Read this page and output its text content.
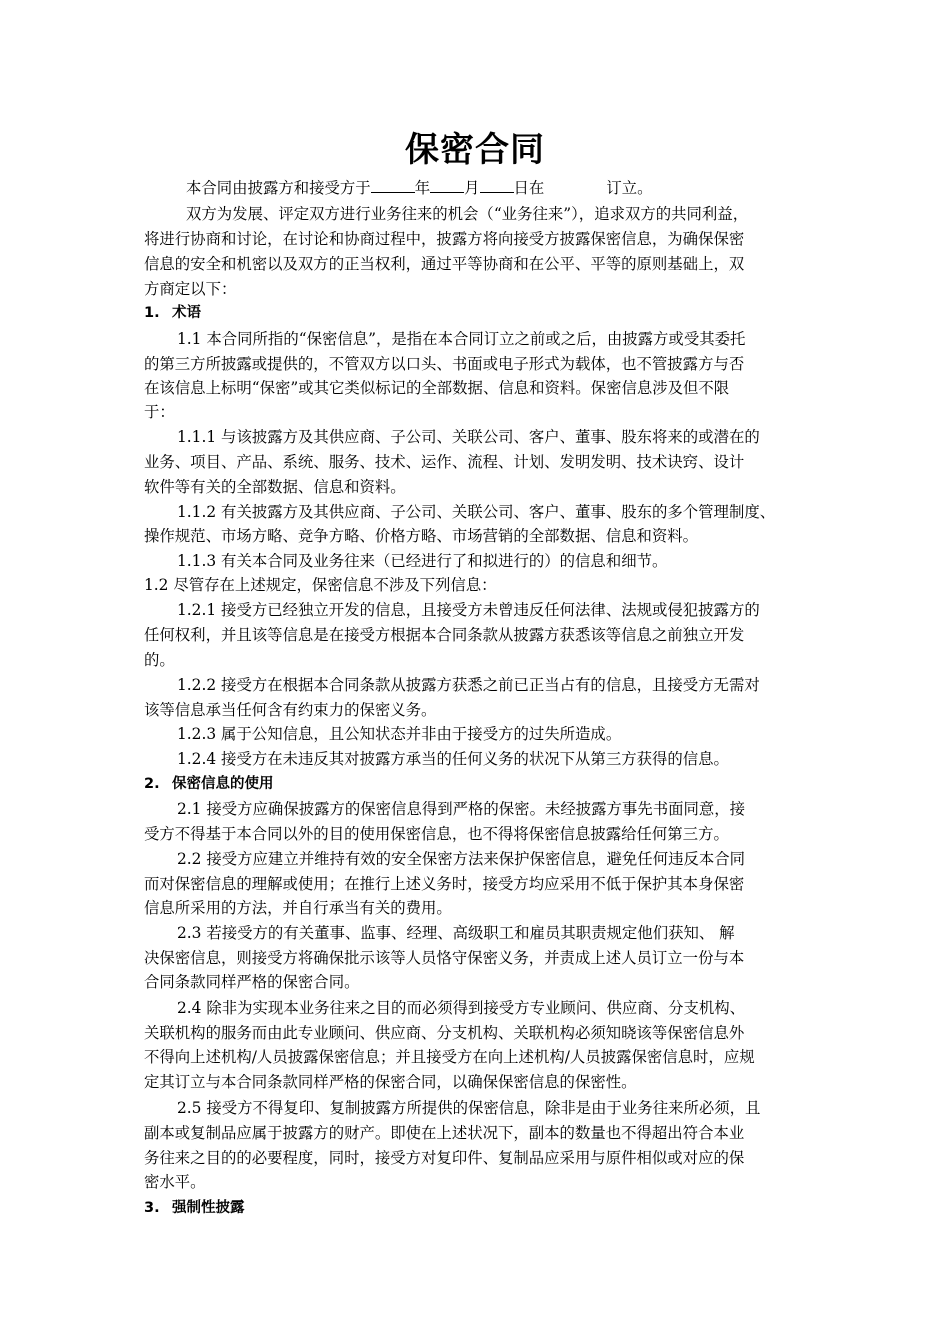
保密合同
本合同由披露方和接受方于	年 月 日在	订立。
双方为发展、评定双方进行业务往来的机会（“业务往来”），追求双方的共同利益，
将进行协商和讨论，在讨论和协商过程中，披露方将向接受方披露保密信息，为确保保密
信息的安全和机密以及双方的正当权利，通过平等协商和在公平、平等的原则基础上，双
方商定以下：
1. 术语
1.1 本合同所指的“保密信息”，是指在本合同订立之前或之后，由披露方或受其委托
的第三方所披露或提供的，不管双方以口头、书面或电子形式为载体，也不管披露方与否
在该信息上标明“保密”或其它类似标记的全部数据、信息和资料。保密信息涉及但不限
于：
1.1.1 与该披露方及其供应商、子公司、关联公司、客户、董事、股东将来的或潜在的
业务、项目、产品、系统、服务、技术、运作、流程、计划、发明发明、技术诀窍、设计
软件等有关的全部数据、信息和资料。
1.1.2 有关披露方及其供应商、子公司、关联公司、客户、董事、股东的多个管理制度、
操作规范、市场方略、竞争方略、价格方略、市场营销的全部数据、信息和资料。
1.1.3 有关本合同及业务往来（已经进行了和拟进行的）的信息和细节。
1.2 尽管存在上述规定，保密信息不涉及下列信息：
1.2.1 接受方已经独立开发的信息，且接受方未曾违反任何法律、法规或侵犯披露方的
任何权利，并且该等信息是在接受方根据本合同条款从披露方获悉该等信息之前独立开发
的。
1.2.2 接受方在根据本合同条款从披露方获悉之前已正当占有的信息，且接受方无需对
该等信息承当任何含有约束力的保密义务。
1.2.3 属于公知信息，且公知状态并非由于接受方的过失所造成。
1.2.4 接受方在未违反其对披露方承当的任何义务的状况下从第三方获得的信息。
2. 保密信息的使用
2.1 接受方应确保披露方的保密信息得到严格的保密。未经披露方事先书面同意，接
受方不得基于本合同以外的目的使用保密信息，也不得将保密信息披露给任何第三方。
2.2 接受方应建立并维持有效的安全保密方法来保护保密信息，避免任何违反本合同
而对保密信息的理解或使用；在推行上述义务时，接受方均应采用不低于保护其本身保密
信息所采用的方法，并自行承当有关的费用。
2.3 若接受方的有关董事、监事、经理、高级职工和雇员其职责规定他们获知、 解
决保密信息，则接受方将确保批示该等人员恪守保密义务，并责成上述人员订立一份与本
合同条款同样严格的保密合同。
2.4 除非为实现本业务往来之目的而必须得到接受方专业顾问、供应商、分支机构、
关联机构的服务而由此专业顾问、供应商、分支机构、关联机构必须知晓该等保密信息外
不得向上述机构/人员披露保密信息；并且接受方在向上述机构/人员披露保密信息时，应规
定其订立与本合同条款同样严格的保密合同，以确保保密信息的保密性。
2.5 接受方不得复印、复制披露方所提供的保密信息，除非是由于业务往来所必须，且
副本或复制品应属于披露方的财产。即使在上述状况下，副本的数量也不得超出符合本业
务往来之目的的必要程度，同时，接受方对复印件、复制品应采用与原件相似或对应的保
密水平。
3. 强制性披露
